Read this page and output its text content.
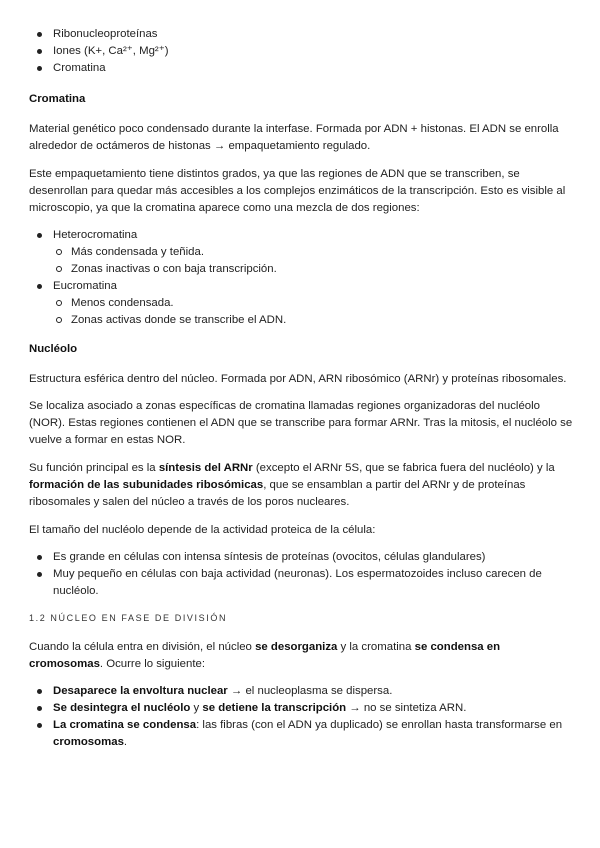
Ribonucleoproteínas
Iones (K+, Ca²⁺, Mg²⁺)
Cromatina

Cromatina

Material genético poco condensado durante la interfase. Formada por ADN + histonas. El ADN se enrolla alrededor de octámeros de histonas → empaquetamiento regulado.

Este empaquetamiento tiene distintos grados, ya que las regiones de ADN que se transcriben, se desenrollan para quedar más accesibles a los complejos enzimáticos de la transcripción. Esto es visible al microscopio, ya que la cromatina aparece como una mezcla de dos regiones:

Heterocromatina
Más condensada y teñida.
Zonas inactivas o con baja transcripción.
Eucromatina
Menos condensada.
Zonas activas donde se transcribe el ADN.

Nucléolo

Estructura esférica dentro del núcleo. Formada por ADN, ARN ribosómico (ARNr) y proteínas ribosomales.

Se localiza asociado a zonas específicas de cromatina llamadas regiones organizadoras del nucléolo (NOR). Estas regiones contienen el ADN que se transcribe para formar ARNr. Tras la mitosis, el nucléolo se vuelve a formar en estas NOR.

Su función principal es la síntesis del ARNr (excepto el ARNr 5S, que se fabrica fuera del nucléolo) y la formación de las subunidades ribosómicas, que se ensamblan a partir del ARNr y de proteínas ribosomales y salen del núcleo a través de los poros nucleares.

El tamaño del nucléolo depende de la actividad proteica de la célula:

Es grande en células con intensa síntesis de proteínas (ovocitos, células glandulares)
Muy pequeño en células con baja actividad (neuronas). Los espermatozoides incluso carecen de nucléolo.

1.2 NÚCLEO EN FASE DE DIVISIÓN

Cuando la célula entra en división, el núcleo se desorganiza y la cromatina se condensa en cromosomas. Ocurre lo siguiente:

Desaparece la envoltura nuclear → el nucleoplasma se dispersa.
Se desintegra el nucléolo y se detiene la transcripción → no se sintetiza ARN.
La cromatina se condensa: las fibras (con el ADN ya duplicado) se enrollan hasta transformarse en cromosomas.
